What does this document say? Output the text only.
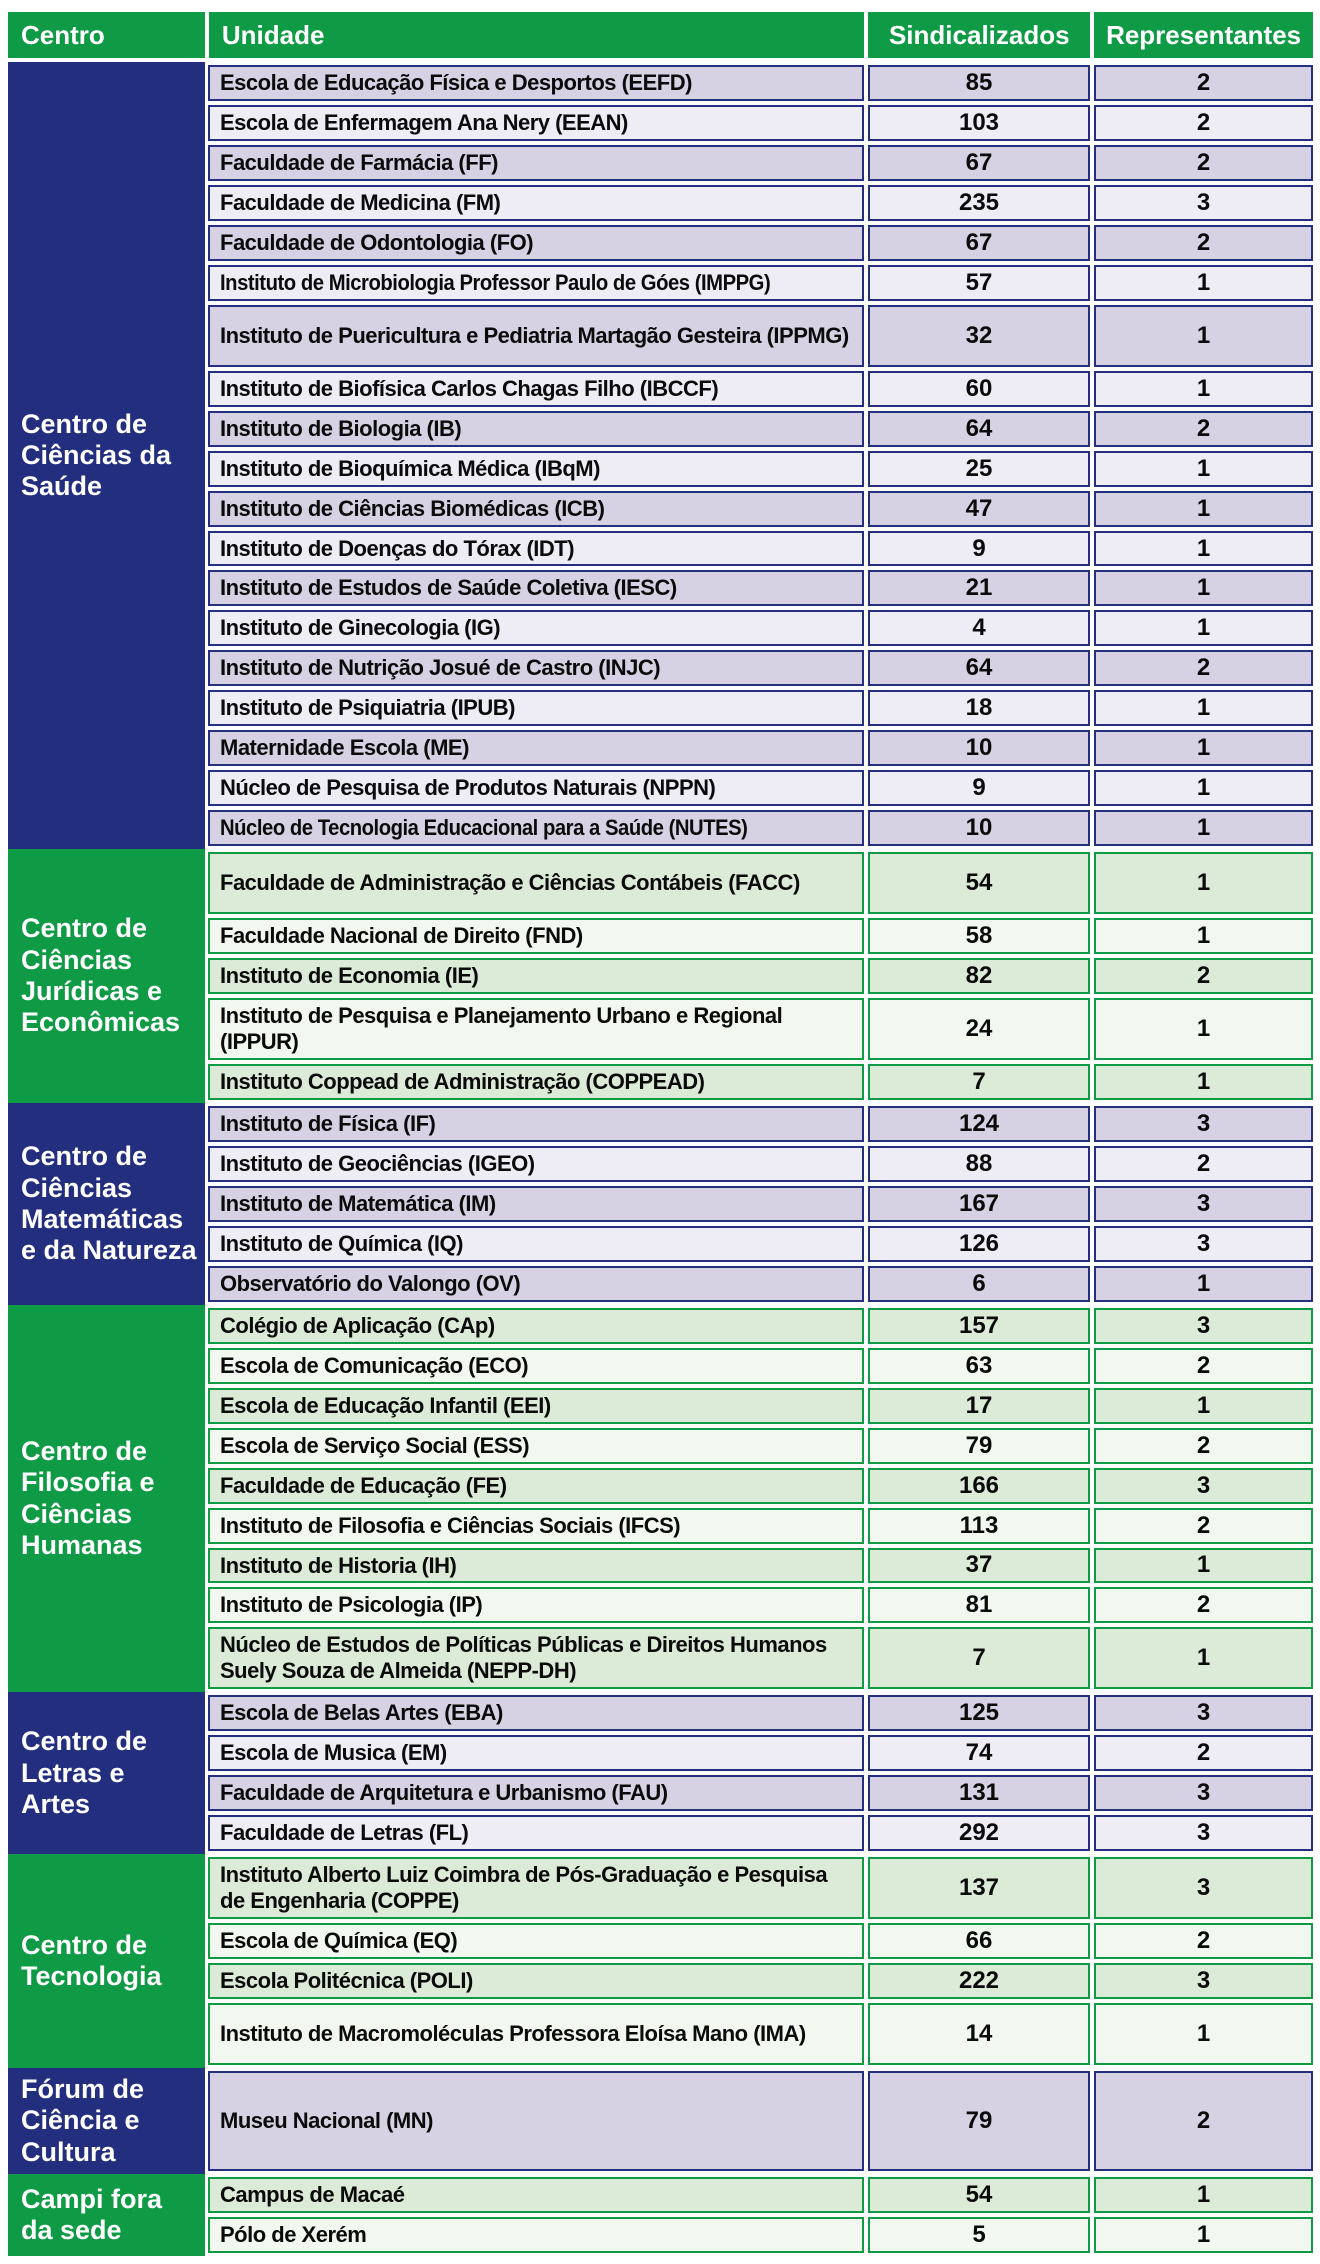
Centro	Unidade	Sindicalizados	Representantes
Centro de Ciências da Saúde
Escola de Educação Física e Desportos (EEFD)	85	2
Escola de Enfermagem Ana Nery (EEAN)	103	2
Faculdade de Farmácia (FF)	67	2
Faculdade de Medicina (FM)	235	3
Faculdade de Odontologia (FO)	67	2
Instituto de Microbiologia Professor Paulo de Góes (IMPPG)	57	1
Instituto de Puericultura e Pediatria Martagão Gesteira (IPPMG)	32	1
Instituto de Biofísica Carlos Chagas Filho (IBCCF)	60	1
Instituto de Biologia (IB)	64	2
Instituto de Bioquímica Médica (IBqM)	25	1
Instituto de Ciências Biomédicas (ICB)	47	1
Instituto de Doenças do Tórax (IDT)	9	1
Instituto de Estudos de Saúde Coletiva (IESC)	21	1
Instituto de Ginecologia (IG)	4	1
Instituto de Nutrição Josué de Castro (INJC)	64	2
Instituto de Psiquiatria (IPUB)	18	1
Maternidade Escola (ME)	10	1
Núcleo de Pesquisa de Produtos Naturais (NPPN)	9	1
Núcleo de Tecnologia Educacional para a Saúde (NUTES)	10	1
Centro de Ciências Jurídicas e Econômicas
Faculdade de Administração e Ciências Contábeis (FACC)	54	1
Faculdade Nacional de Direito (FND)	58	1
Instituto de Economia (IE)	82	2
Instituto de Pesquisa e Planejamento Urbano e Regional (IPPUR)	24	1
Instituto Coppead de Administração (COPPEAD)	7	1
Centro de Ciências Matemáticas e da Natureza
Instituto de Física (IF)	124	3
Instituto de Geociências (IGEO)	88	2
Instituto de Matemática (IM)	167	3
Instituto de Química (IQ)	126	3
Observatório do Valongo (OV)	6	1
Centro de Filosofia e Ciências Humanas
Colégio de Aplicação (CAp)	157	3
Escola de Comunicação (ECO)	63	2
Escola de Educação Infantil (EEI)	17	1
Escola de Serviço Social (ESS)	79	2
Faculdade de Educação (FE)	166	3
Instituto de Filosofia e Ciências Sociais (IFCS)	113	2
Instituto de Historia (IH)	37	1
Instituto de Psicologia (IP)	81	2
Núcleo de Estudos de Políticas Públicas e Direitos Humanos Suely Souza de Almeida (NEPP-DH)	7	1
Centro de Letras e Artes
Escola de Belas Artes (EBA)	125	3
Escola de Musica (EM)	74	2
Faculdade de Arquitetura e Urbanismo (FAU)	131	3
Faculdade de Letras (FL)	292	3
Centro de Tecnologia
Instituto Alberto Luiz Coimbra de Pós-Graduação e Pesquisa de Engenharia (COPPE)	137	3
Escola de Química (EQ)	66	2
Escola Politécnica (POLI)	222	3
Instituto de Macromoléculas Professora Eloísa Mano (IMA)	14	1
Fórum de Ciência e Cultura
Museu Nacional (MN)	79	2
Campi fora da sede
Campus de Macaé	54	1
Pólo de Xerém	5	1
